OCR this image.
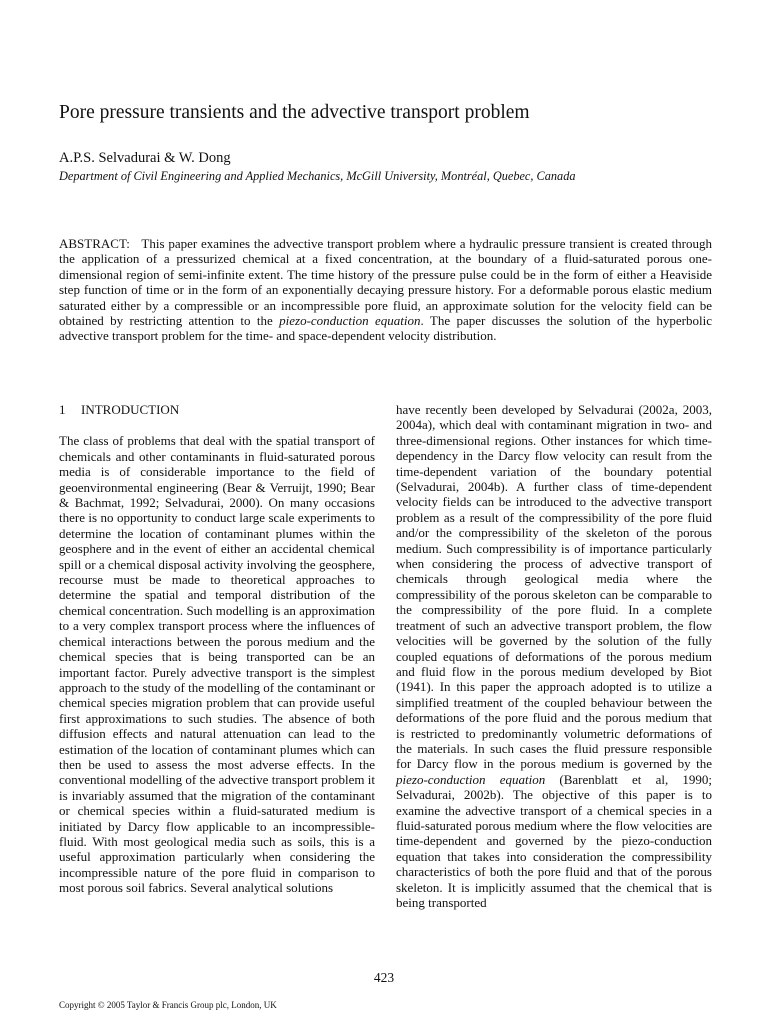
Pore pressure transients and the advective transport problem
A.P.S. Selvadurai & W. Dong
Department of Civil Engineering and Applied Mechanics, McGill University, Montréal, Quebec, Canada
ABSTRACT: This paper examines the advective transport problem where a hydraulic pressure transient is created through the application of a pressurized chemical at a fixed concentration, at the boundary of a fluid-saturated porous one-dimensional region of semi-infinite extent. The time history of the pressure pulse could be in the form of either a Heaviside step function of time or in the form of an exponentially decaying pressure history. For a deformable porous elastic medium saturated either by a compressible or an incompressible pore fluid, an approximate solution for the velocity field can be obtained by restricting attention to the piezo-conduction equation. The paper discusses the solution of the hyperbolic advective transport problem for the time- and space-dependent velocity distribution.
1 INTRODUCTION

The class of problems that deal with the spatial transport of chemicals and other contaminants in fluid-saturated porous media is of considerable importance to the field of geoenvironmental engineering (Bear & Verruijt, 1990; Bear & Bachmat, 1992; Selvadurai, 2000). On many occasions there is no opportunity to conduct large scale experiments to determine the location of contaminant plumes within the geosphere and in the event of either an accidental chemical spill or a chemical disposal activity involving the geosphere, recourse must be made to theoretical approaches to determine the spatial and temporal distribution of the chemical concentration. Such modelling is an approximation to a very complex transport process where the influences of chemical interactions between the porous medium and the chemical species that is being transported can be an important factor. Purely advective transport is the simplest approach to the study of the modelling of the contaminant or chemical species migration problem that can provide useful first approximations to such studies. The absence of both diffusion effects and natural attenuation can lead to the estimation of the location of contaminant plumes which can then be used to assess the most adverse effects. In the conventional modelling of the advective transport problem it is invariably assumed that the migration of the contaminant or chemical species within a fluid-saturated medium is initiated by Darcy flow applicable to an incompressible-fluid. With most geological media such as soils, this is a useful approximation particularly when considering the incompressible nature of the pore fluid in comparison to most porous soil fabrics. Several analytical solutions

have recently been developed by Selvadurai (2002a, 2003, 2004a), which deal with contaminant migration in two- and three-dimensional regions. Other instances for which time-dependency in the Darcy flow velocity can result from the time-dependent variation of the boundary potential (Selvadurai, 2004b). A further class of time-dependent velocity fields can be introduced to the advective transport problem as a result of the compressibility of the pore fluid and/or the compressibility of the skeleton of the porous medium. Such compressibility is of importance particularly when considering the process of advective transport of chemicals through geological media where the compressibility of the porous skeleton can be comparable to the compressibility of the pore fluid. In a complete treatment of such an advective transport problem, the flow velocities will be governed by the solution of the fully coupled equations of deformations of the porous medium and fluid flow in the porous medium developed by Biot (1941). In this paper the approach adopted is to utilize a simplified treatment of the coupled behaviour between the deformations of the pore fluid and the porous medium that is restricted to predominantly volumetric deformations of the materials. In such cases the fluid pressure responsible for Darcy flow in the porous medium is governed by the piezo-conduction equation (Barenblatt et al, 1990; Selvadurai, 2002b). The objective of this paper is to examine the advective transport of a chemical species in a fluid-saturated porous medium where the flow velocities are time-dependent and governed by the piezo-conduction equation that takes into consideration the compressibility characteristics of both the pore fluid and that of the porous skeleton. It is implicitly assumed that the chemical that is being transported

423
Copyright © 2005 Taylor & Francis Group plc, London, UK
